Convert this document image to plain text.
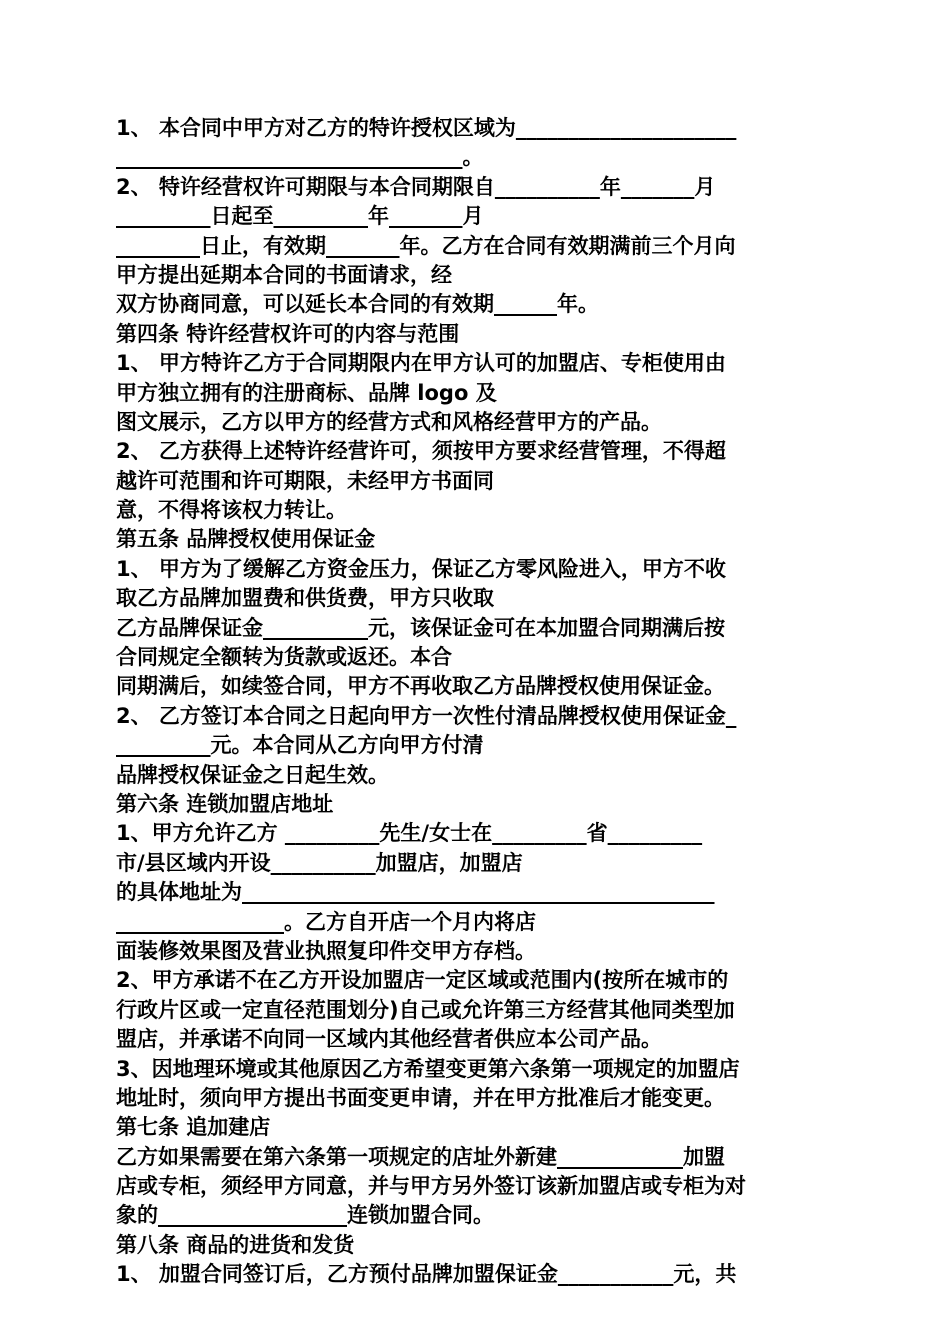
1、 本合同中甲方对乙方的特许授权区域为_____________________
_________________________________。
2、 特许经营权许可期限与本合同期限自__________年_______月
_________日起至_________年_______月
________日止，有效期_______年。乙方在合同有效期满前三个月向
甲方提出延期本合同的书面请求，经
双方协商同意，可以延长本合同的有效期______年。
第四条 特许经营权许可的内容与范围
1、 甲方特许乙方于合同期限内在甲方认可的加盟店、专柜使用由
甲方独立拥有的注册商标、品牌 logo 及
图文展示，乙方以甲方的经营方式和风格经营甲方的产品。
2、 乙方获得上述特许经营许可，须按甲方要求经营管理，不得超
越许可范围和许可期限，未经甲方书面同
意，不得将该权力转让。
第五条 品牌授权使用保证金
1、 甲方为了缓解乙方资金压力，保证乙方零风险进入，甲方不收
取乙方品牌加盟费和供货费，甲方只收取
乙方品牌保证金__________元，该保证金可在本加盟合同期满后按
合同规定全额转为货款或返还。本合
同期满后，如续签合同，甲方不再收取乙方品牌授权使用保证金。
2、 乙方签订本合同之日起向甲方一次性付清品牌授权使用保证金_
_________元。本合同从乙方向甲方付清
品牌授权保证金之日起生效。
第六条 连锁加盟店地址
1、甲方允许乙方 _________先生/女士在_________省_________
市/县区域内开设__________加盟店，加盟店
的具体地址为_____________________________________________
________________。乙方自开店一个月内将店
面装修效果图及营业执照复印件交甲方存档。
2、甲方承诺不在乙方开设加盟店一定区域或范围内(按所在城市的
行政片区或一定直径范围划分)自己或允许第三方经营其他同类型加
盟店，并承诺不向同一区域内其他经营者供应本公司产品。
3、因地理环境或其他原因乙方希望变更第六条第一项规定的加盟店
地址时，须向甲方提出书面变更申请，并在甲方批准后才能变更。
第七条 追加建店
乙方如果需要在第六条第一项规定的店址外新建____________加盟
店或专柜，须经甲方同意，并与甲方另外签订该新加盟店或专柜为对
象的__________________连锁加盟合同。
第八条 商品的进货和发货
1、 加盟合同签订后，乙方预付品牌加盟保证金___________元，共
